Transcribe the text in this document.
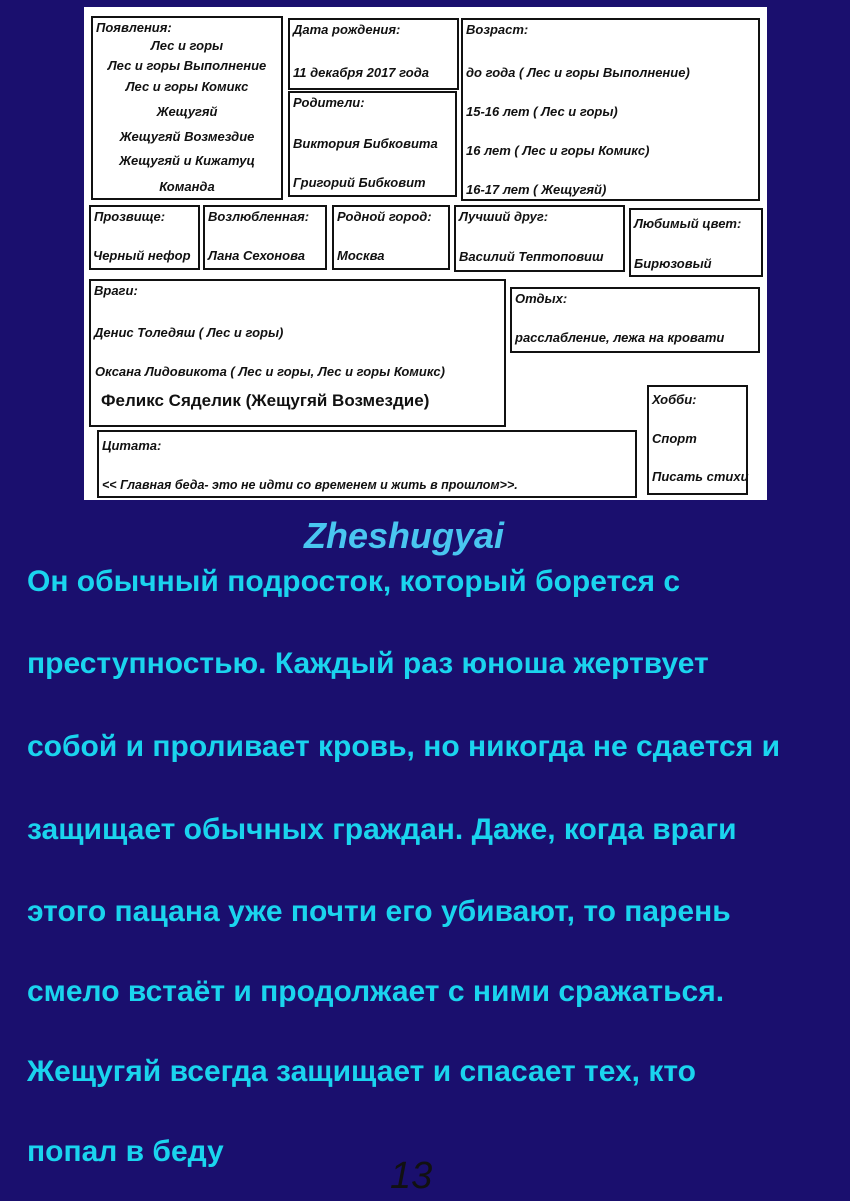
Появления:
Лес и горы
Лес и горы Выполнение
Лес и горы Комикс
Жещугяй
Жещугяй Возмездие
Жещугяй и Кижатуц
Команда
Дата рождения:
11 декабря 2017 года
Родители:
Виктория Бибковита
Григорий Бибковит
Возраст:
до года ( Лес и горы Выполнение)
15-16 лет ( Лес и горы)
16 лет ( Лес и горы Комикс)
16-17 лет ( Жещугяй)
Прозвище:
Черный нефор
Возлюбленная:
Лана Сехонова
Родной город:
Москва
Лучший друг:
Василий Тептоповиш
Любимый цвет:
Бирюзовый
Враги:
Денис Толедяш ( Лес и горы)
Оксана Лидовикота ( Лес и горы, Лес и горы Комикс)
Феликс Сяделик (Жещугяй Возмездие)
Отдых:
расслабление, лежа на кровати
Хобби:
Спорт
Писать стихи
Цитата:
<< Главная беда- это не идти со временем и жить в прошлом>>.
Zheshugyai
Он обычный подросток, который борется с
преступностью. Каждый раз юноша жертвует
собой и проливает кровь, но никогда не сдается и
защищает обычных граждан. Даже, когда враги
этого пацана уже почти его убивают, то парень
смело встаёт и продолжает с ними сражаться.
Жещугяй всегда защищает и спасает тех, кто
попал в беду
13
